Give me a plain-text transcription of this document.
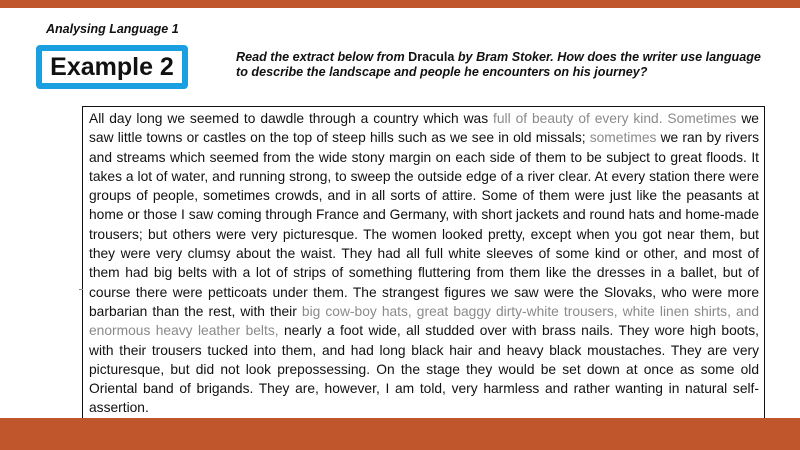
Analysing Language 1
Example 2	Read the extract below from Dracula by Bram Stoker. How does the writer use language to describe the landscape and people he encounters on his journey?
All day long we seemed to dawdle through a country which was full of beauty of every kind. Sometimes we saw little towns or castles on the top of steep hills such as we see in old missals; sometimes we ran by rivers and streams which seemed from the wide stony margin on each side of them to be subject to great floods. It takes a lot of water, and running strong, to sweep the outside edge of a river clear. At every station there were groups of people, sometimes crowds, and in all sorts of attire. Some of them were just like the peasants at home or those I saw coming through France and Germany, with short jackets and round hats and home-made trousers; but others were very picturesque. The women looked pretty, except when you got near them, but they were very clumsy about the waist. They had all full white sleeves of some kind or other, and most of them had big belts with a lot of strips of something fluttering from them like the dresses in a ballet, but of course there were petticoats under them. The strangest figures we saw were the Slovaks, who were more barbarian than the rest, with their big cow-boy hats, great baggy dirty-white trousers, white linen shirts, and enormous heavy leather belts, nearly a foot wide, all studded over with brass nails. They wore high boots, with their trousers tucked into them, and had long black hair and heavy black moustaches. They are very picturesque, but did not look prepossessing. On the stage they would be set down at once as some old Oriental band of brigands. They are, however, I am told, very harmless and rather wanting in natural self-assertion.
